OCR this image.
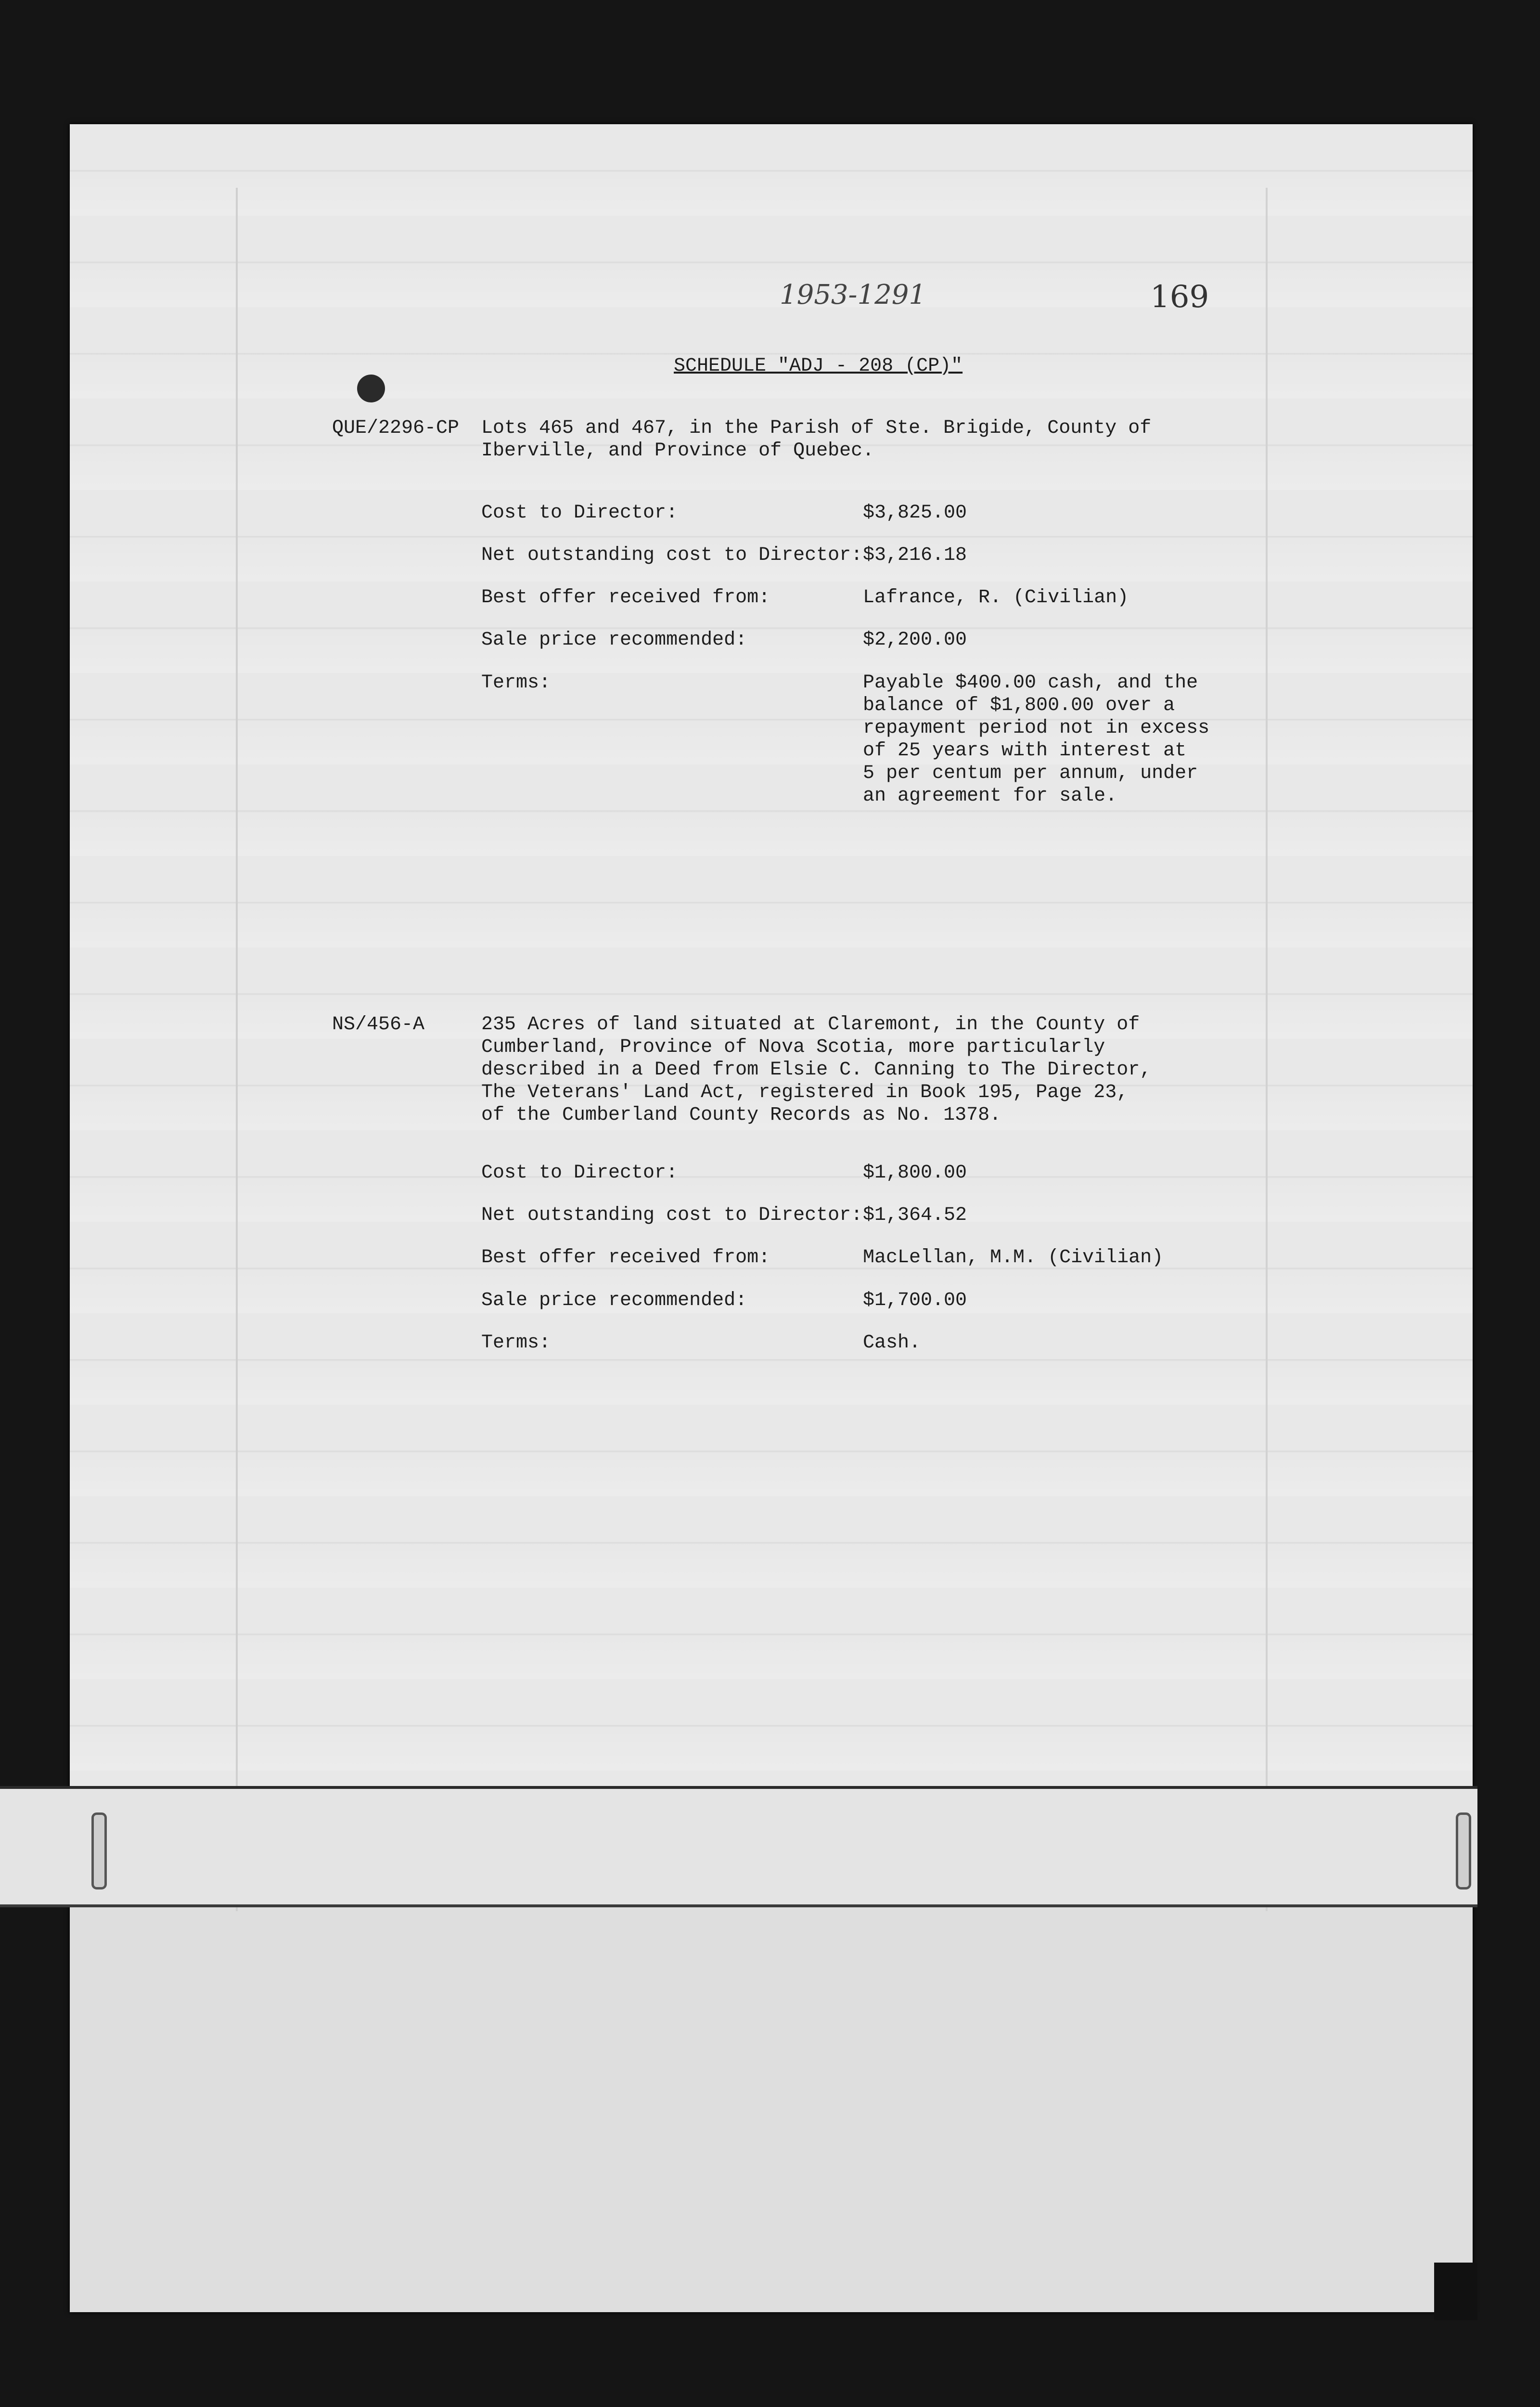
1953-1291	169
SCHEDULE "ADJ - 208 (CP)"
QUE/2296-CP Lots 465 and 467, in the Parish of Ste. Brigide, County of
Iberville, and Province of Quebec.
Cost to Director:	$3,825.00
Net outstanding cost to Director: $3,216.18
Best offer received from:	Lafrance, R. (Civilian)
Sale price recommended:	$2,200.00
Terms:	Payable $400.00 cash, and the
balance of $1,800.00 over a
repayment period not in excess
of 25 years with interest at
5 per centum per annum, under
an agreement for sale.
NS/456-A	235 Acres of land situated at Claremont, in the County of
Cumberland, Province of Nova Scotia, more particularly
described in a Deed from Elsie C. Canning to The Director,
The Veterans' Land Act, registered in Book 195, Page 23,
of the Cumberland County Records as No. 1378.
Cost to Director:	$1,800.00
Net outstanding cost to Director: $1,364.52
Best offer received from:	MacLellan, M.M. (Civilian)
Sale price recommended:	$1,700.00
Terms:	Cash.
